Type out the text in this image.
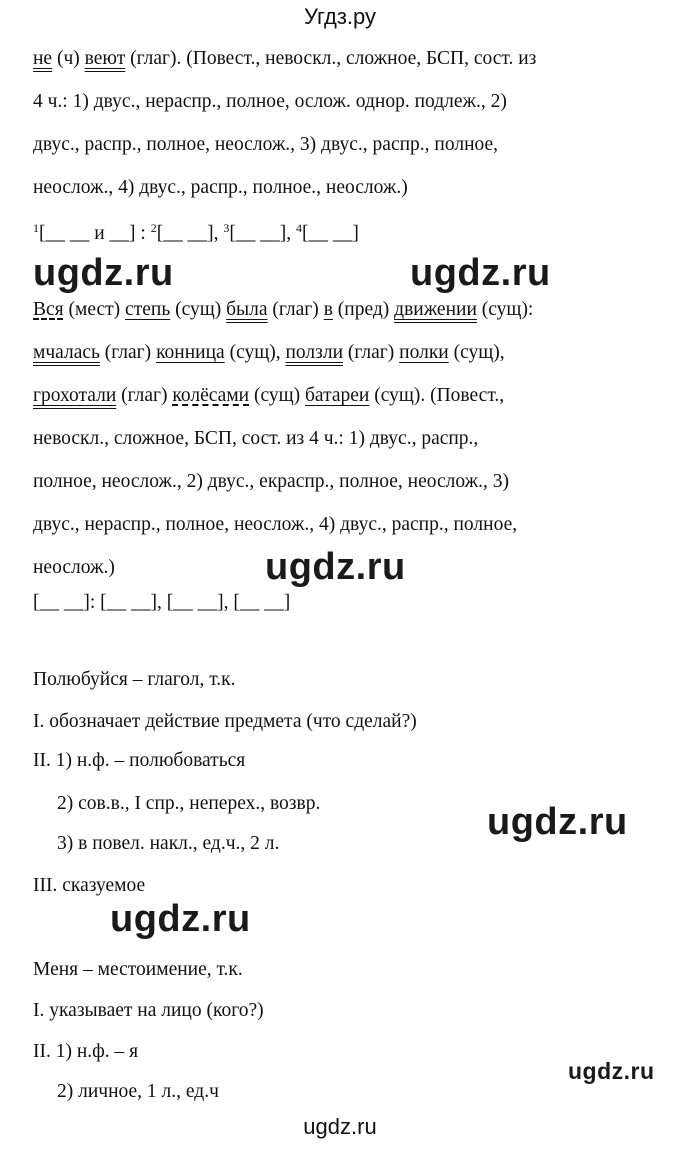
Угдз.ру
не (ч) веют (глаг). (Повест., невоскл., сложное, БСП, сост. из
4 ч.: 1) двус., нераспр., полное, ослож. однор. подлеж., 2)
двус., распр., полное, неослож., 3) двус., распр., полное,
неослож., 4) двус., распр., полное., неослож.)
$^1$[__ __ и __] : $^2$[__ __], $^3$[__ __], $^4$[__ __]
ugdz.ru	ugdz.ru
Вся (мест) степь (сущ) была (глаг) в (пред) движении (сущ):
мчалась (глаг) конница (сущ), ползли (глаг) полки (сущ),
грохотали (глаг) колёсами (сущ) батареи (сущ). (Повест.,
невоскл., сложное, БСП, сост. из 4 ч.: 1) двус., распр.,
полное, неослож., 2) двус., екраспр., полное, неослож., 3)
двус., нераспр., полное, неослож., 4) двус., распр., полное,
неослож.)
[__ __]: [__ __], [__ __], [__ __]
ugdz.ru
Полюбуйся – глагол, т.к.
I. обозначает действие предмета (что сделай?)
II. 1) н.ф. – полюбоваться
2) сов.в., I спр., неперех., возвр.
3) в повел. накл., ед.ч., 2 л.
III. сказуемое
ugdz.ru
ugdz.ru
Меня – местоимение, т.к.
I. указывает на лицо (кого?)
II. 1) н.ф. – я
2) личное, 1 л., ед.ч
ugdz.ru
ugdz.ru
